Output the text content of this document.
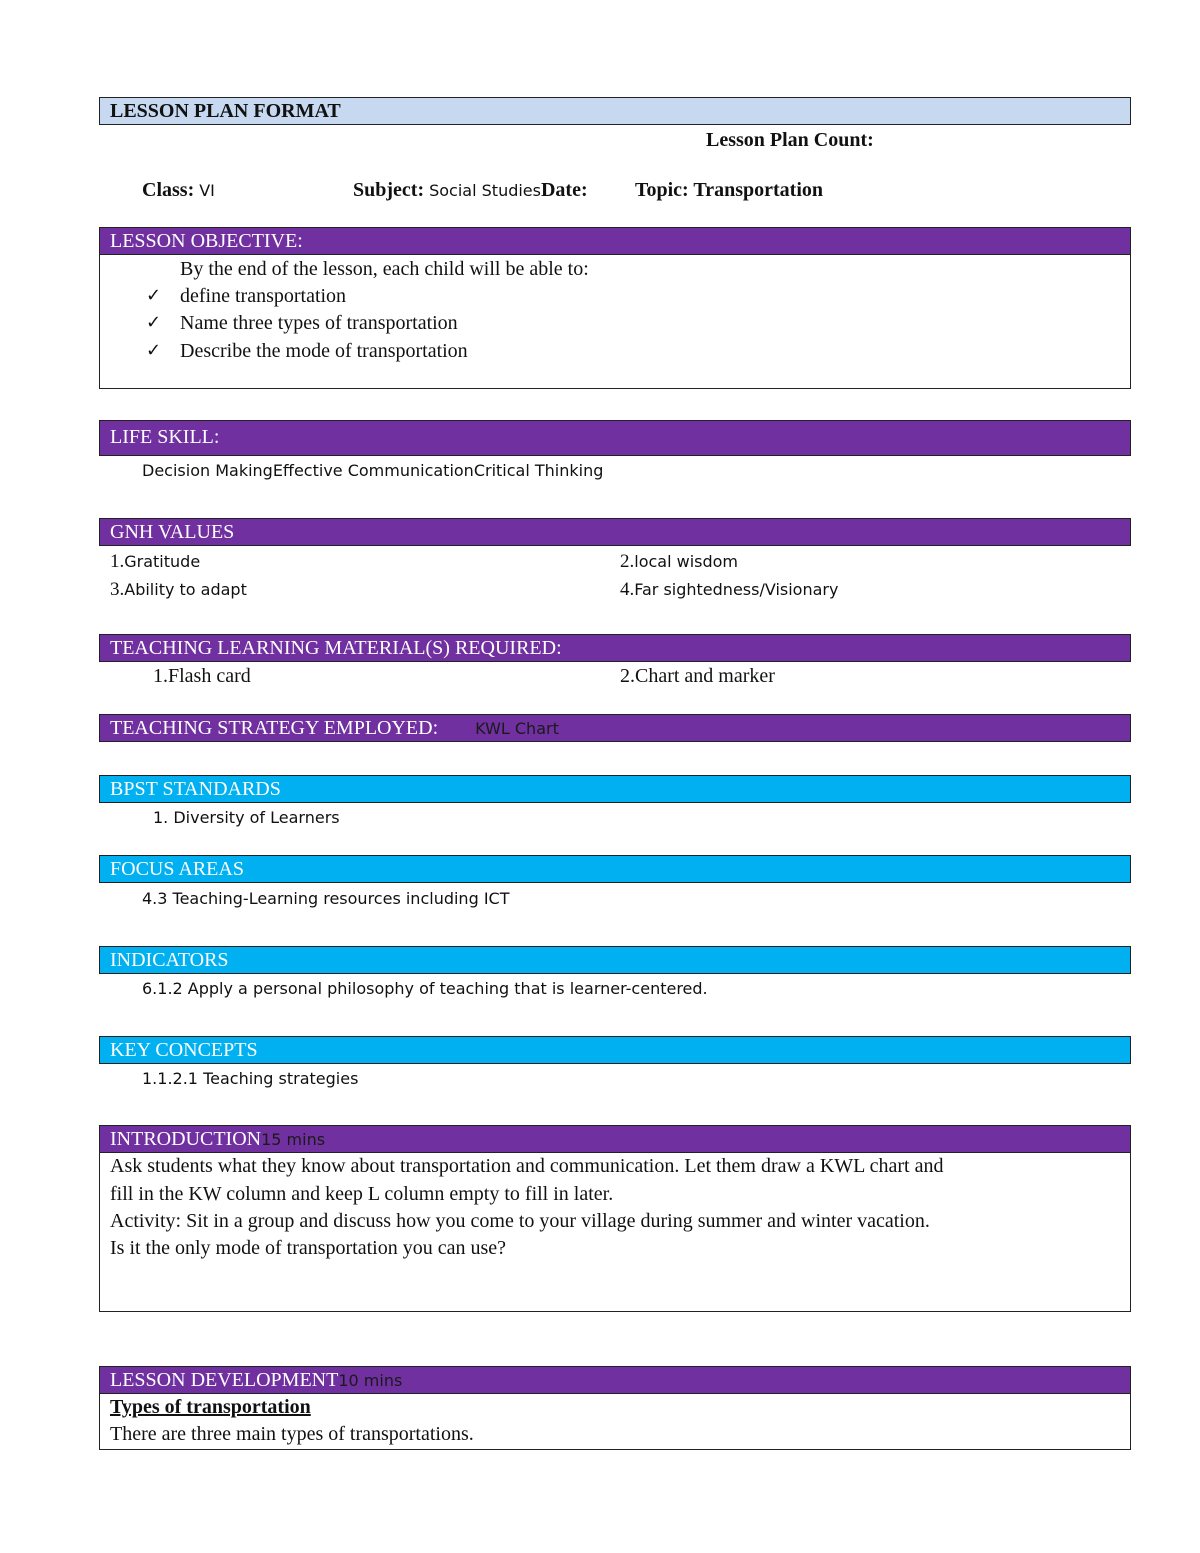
LESSON PLAN FORMAT
Lesson Plan Count:
Class: VI	Subject: Social StudiesDate: Topic: Transportation
LESSON OBJECTIVE:
By the end of the lesson, each child will be able to:
✓ define transportation
✓ Name three types of transportation
✓ Describe the mode of transportation
LIFE SKILL:
Decision MakingEffective CommunicationCritical Thinking
GNH VALUES
1.Gratitude	2.local wisdom
3.Ability to adapt	4.Far sightedness/Visionary
TEACHING LEARNING MATERIAL(S) REQUIRED:
1.Flash card	2.Chart and marker
TEACHING STRATEGY EMPLOYED: KWL Chart
BPST STANDARDS
1. Diversity of Learners
FOCUS AREAS
4.3 Teaching-Learning resources including ICT
INDICATORS
6.1.2 Apply a personal philosophy of teaching that is learner-centered.
KEY CONCEPTS
1.1.2.1 Teaching strategies
INTRODUCTION15 mins
Ask students what they know about transportation and communication. Let them draw a KWL chart and
fill in the KW column and keep L column empty to fill in later.
Activity: Sit in a group and discuss how you come to your village during summer and winter vacation.
Is it the only mode of transportation you can use?
LESSON DEVELOPMENT10 mins
Types of transportation
There are three main types of transportations.
